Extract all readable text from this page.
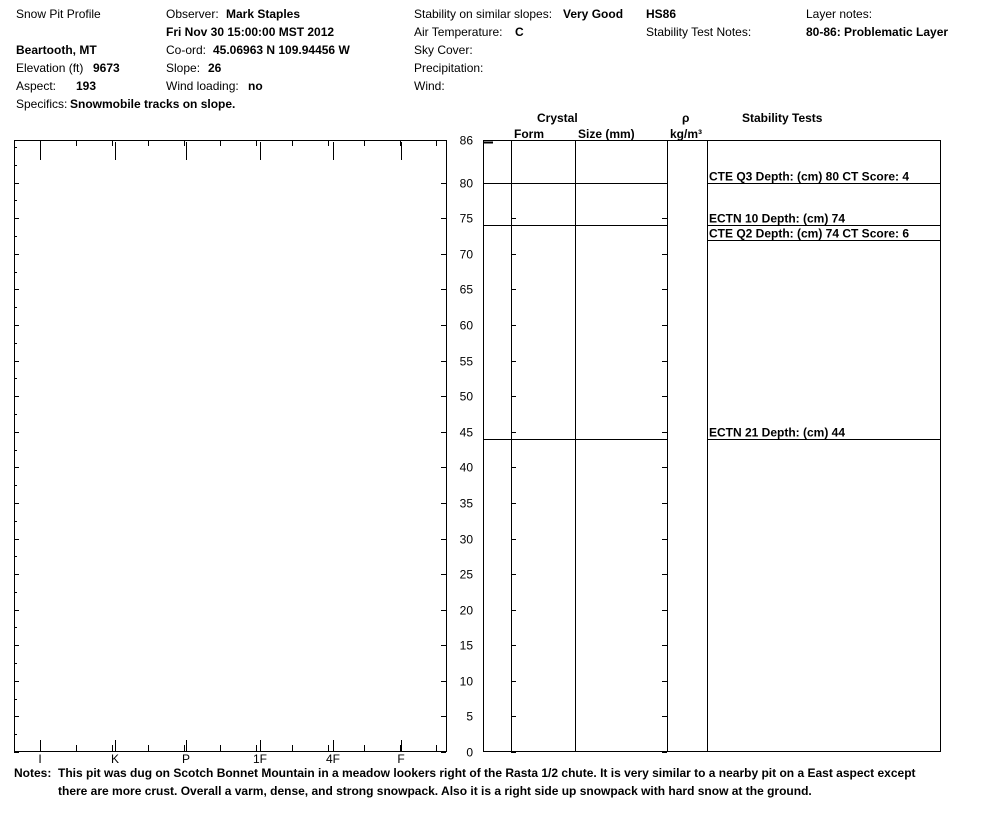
Snow Pit Profile
Beartooth, MT
Elevation (ft) 9673
Aspect: 193
Specifics: Snowmobile tracks on slope.
Observer: Mark Staples
Fri Nov 30 15:00:00 MST 2012
Co-ord: 45.06963 N 109.94456 W
Slope: 26
Wind loading: no
Stability on similar slopes: Very Good
Air Temperature: C
Sky Cover:
Precipitation:
Wind:
HS86
Stability Test Notes:
Layer notes:
80-86: Problematic Layer
Crystal
Form	Size (mm)
ρ
kg/m³
Stability Tests
86
80
75
70
65
60
55
50
45
40
35
30
25
20
15
10
5
0
I	K	P	1F	4F	F
CTE Q3 Depth: (cm) 80 CT Score: 4
ECTN 10 Depth: (cm) 74
CTE Q2 Depth: (cm) 74 CT Score: 6
ECTN 21 Depth: (cm) 44
Notes: This pit was dug on Scotch Bonnet Mountain in a meadow lookers right of the Rasta 1/2 chute. It is very similar to a nearby pit on a East aspect except
there are more crust. Overall a varm, dense, and strong snowpack. Also it is a right side up snowpack with hard snow at the ground.
